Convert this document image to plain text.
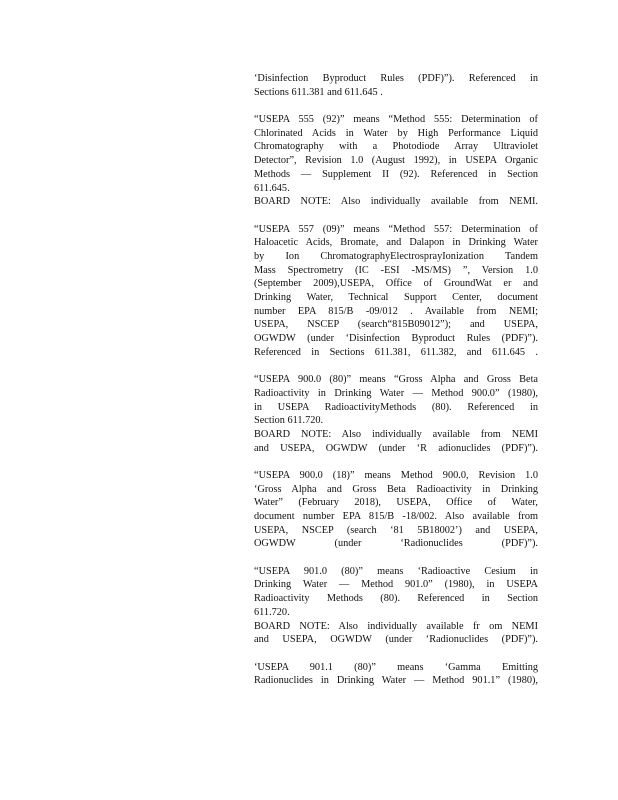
‘Disinfection Byproduct Rules (PDF)”). Referenced in
Sections 611.381 and 611.645 .
“USEPA 555 (92)” means “Method 555: Determination of
Chlorinated Acids in Water by High Performance Liquid
Chromatography with a Photodiode Array Ultraviolet
Detector”, Revision 1.0 (August 1992), in USEPA Organic
Methods — Supplement II (92). Referenced in Section
611.645.
BOARD NOTE: Also individually available from NEMI.
“USEPA 557 (09)” means “Method 557: Determination of
Haloacetic Acids, Bromate, and Dalapon in Drinking Water
by Ion ChromatographyElectrosprayIonization Tandem
Mass Spectrometry (IC -ESI -MS/MS) ”, Version 1.0
(September 2009),USEPA, Office of GroundWat er and
Drinking Water, Technical Support Center, document
number EPA 815/B -09/012 . Available from NEMI;
USEPA, NSCEP (search“815B09012”); and USEPA,
OGWDW (under ‘Disinfection Byproduct Rules (PDF)”).
Referenced in Sections 611.381, 611.382, and 611.645 .
“USEPA 900.0 (80)” means “Gross Alpha and Gross Beta
Radioactivity in Drinking Water — Method 900.0” (1980),
in USEPA RadioactivityMethods (80). Referenced in
Section 611.720.
BOARD NOTE: Also individually available from NEMI
and USEPA, OGWDW (under ‘R adionuclides (PDF)”).
“USEPA 900.0 (18)” means Method 900.0, Revision 1.0
‘Gross Alpha and Gross Beta Radioactivity in Drinking
Water” (February 2018), USEPA, Office of Water,
document number EPA 815/B -18/002. Also available from
USEPA, NSCEP (search ‘81 5B18002’) and USEPA,
OGWDW (under ‘Radionuclides (PDF)”).
“USEPA 901.0 (80)” means ‘Radioactive Cesium in
Drinking Water — Method 901.0” (1980), in USEPA
Radioactivity Methods (80). Referenced in Section
611.720.
BOARD NOTE: Also individually available fr om NEMI
and USEPA, OGWDW (under ‘Radionuclides (PDF)”).
‘USEPA 901.1 (80)” means ‘Gamma Emitting
Radionuclides in Drinking Water — Method 901.1” (1980),
